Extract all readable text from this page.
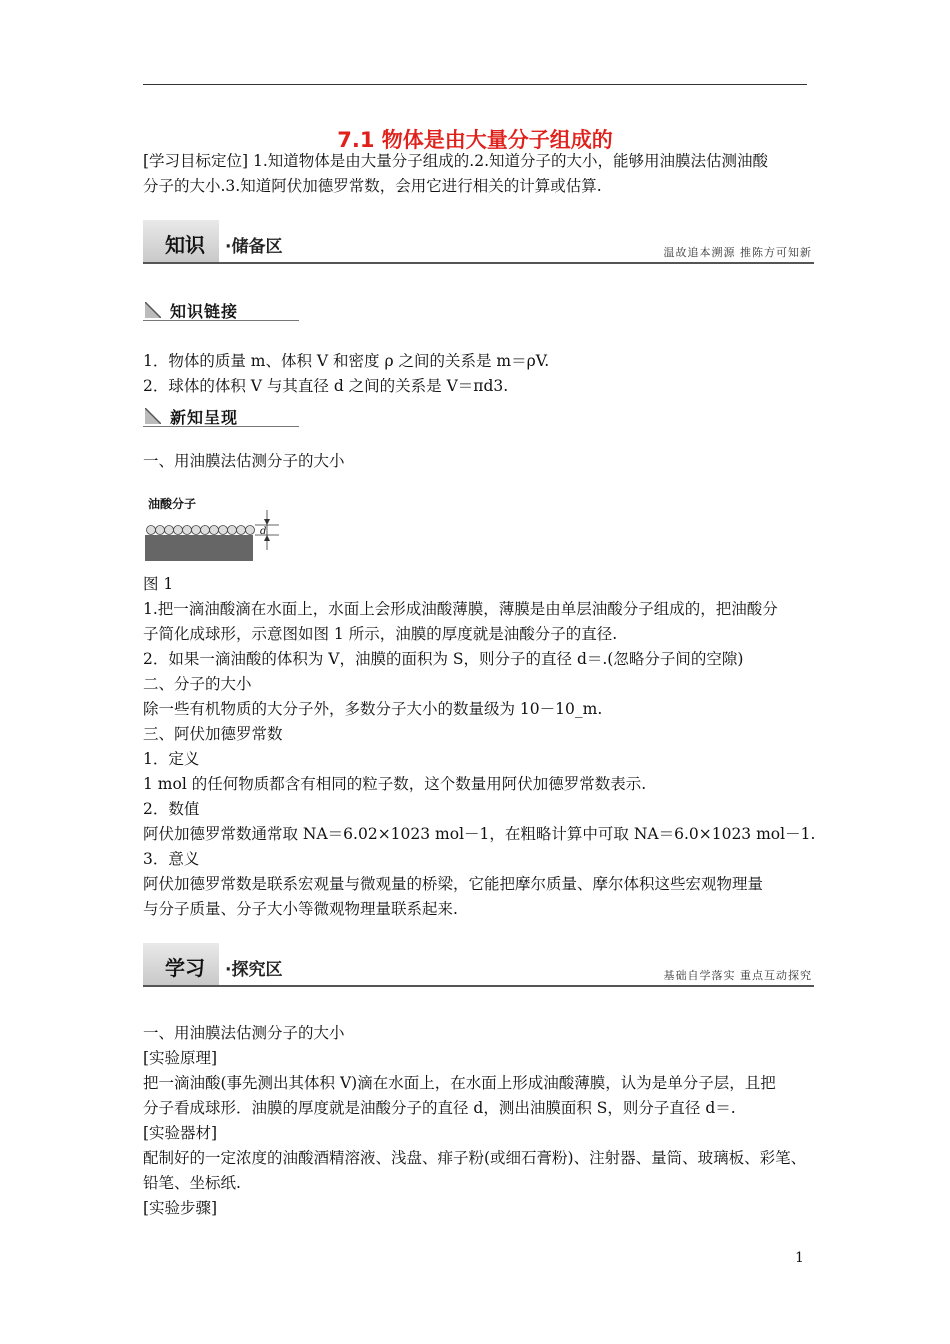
7.1 物体是由大量分子组成的
[学习目标定位] 1.知道物体是由大量分子组成的.2.知道分子的大小，能够用油膜法估测油酸
分子的大小.3.知道阿伏加德罗常数，会用它进行相关的计算或估算.
知识 ·储备区	温故追本溯源 推陈方可知新
知识链接
1．物体的质量 m、体积 V 和密度 ρ 之间的关系是 m＝ρV.
2．球体的体积 V 与其直径 d 之间的关系是 V＝πd3.
新知呈现
一、用油膜法估测分子的大小
油酸分子
d
图 1
1.把一滴油酸滴在水面上，水面上会形成油酸薄膜，薄膜是由单层油酸分子组成的，把油酸分
子简化成球形，示意图如图 1 所示，油膜的厚度就是油酸分子的直径.
2．如果一滴油酸的体积为 V，油膜的面积为 S，则分子的直径 d＝.(忽略分子间的空隙)
二、分子的大小
除一些有机物质的大分子外，多数分子大小的数量级为 10－10_m.
三、阿伏加德罗常数
1．定义
1 mol 的任何物质都含有相同的粒子数，这个数量用阿伏加德罗常数表示.
2．数值
阿伏加德罗常数通常取 NA＝6.02×1023 mol－1，在粗略计算中可取 NA＝6.0×1023 mol－1.
3．意义
阿伏加德罗常数是联系宏观量与微观量的桥梁，它能把摩尔质量、摩尔体积这些宏观物理量
与分子质量、分子大小等微观物理量联系起来.
学习 ·探究区	基础自学落实 重点互动探究
一、用油膜法估测分子的大小
[实验原理]
把一滴油酸(事先测出其体积 V)滴在水面上，在水面上形成油酸薄膜，认为是单分子层，且把
分子看成球形．油膜的厚度就是油酸分子的直径 d，测出油膜面积 S，则分子直径 d＝.
[实验器材]
配制好的一定浓度的油酸酒精溶液、浅盘、痱子粉(或细石膏粉)、注射器、量筒、玻璃板、彩笔、
铅笔、坐标纸.
[实验步骤]
1
